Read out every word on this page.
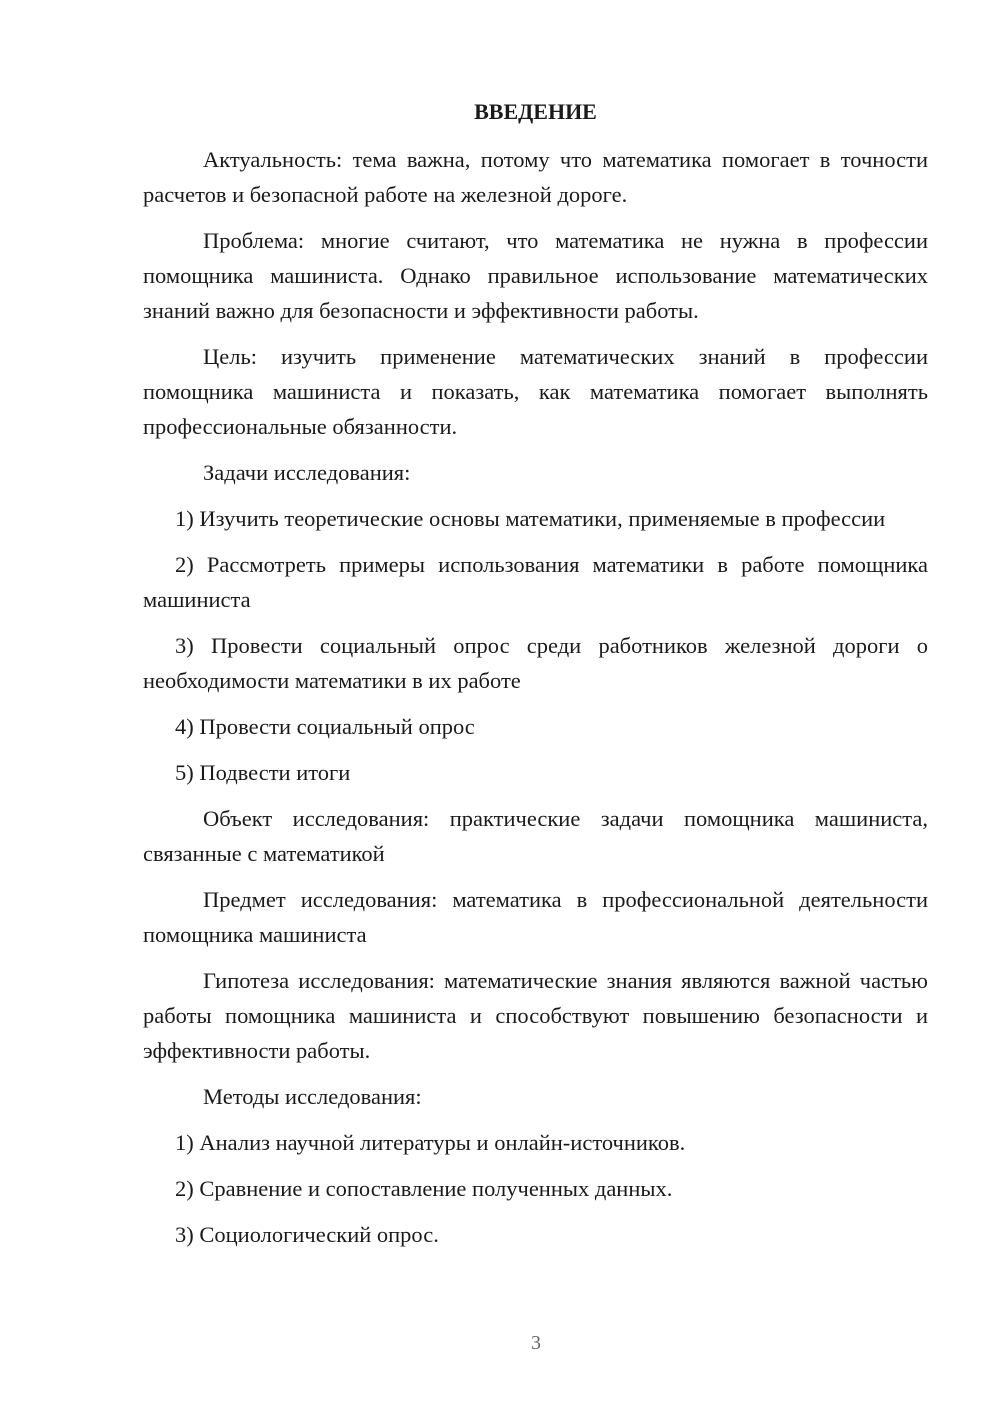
ВВЕДЕНИЕ

Актуальность: тема важна, потому что математика помогает в точности расчетов и безопасной работе на железной дороге.

Проблема: многие считают, что математика не нужна в профессии помощника машиниста. Однако правильное использование математических знаний важно для безопасности и эффективности работы.

Цель: изучить применение математических знаний в профессии помощника машиниста и показать, как математика помогает выполнять профессиональные обязанности.

Задачи исследования:

1) Изучить теоретические основы математики, применяемые в профессии

2) Рассмотреть примеры использования математики в работе помощника машиниста

3) Провести социальный опрос среди работников железной дороги о необходимости математики в их работе

4) Провести социальный опрос

5) Подвести итоги

Объект исследования: практические задачи помощника машиниста, связанные с математикой

Предмет исследования: математика в профессиональной деятельности помощника машиниста

Гипотеза исследования: математические знания являются важной частью работы помощника машиниста и способствуют повышению безопасности и эффективности работы.

Методы исследования:

1) Анализ научной литературы и онлайн-источников.

2) Сравнение и сопоставление полученных данных.

3) Социологический опрос.

3
